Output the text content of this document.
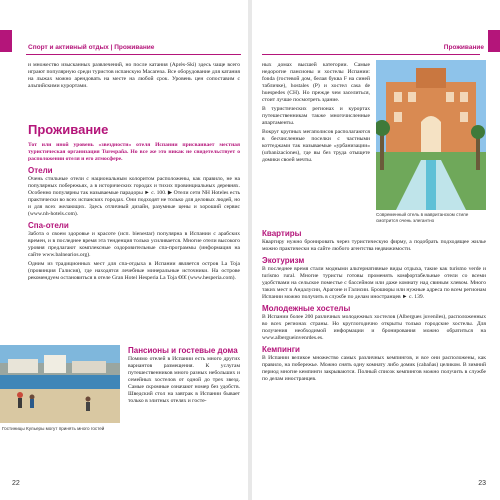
Спорт и активный отдых | Проживание
и множество изысканных развлечений, но после катания (Après-Ski) здесь чаще всего играют популярную среди туристов испанскую Macarena. Все оборудование для катания на лыжах можно арендовать на месте на любой срок. Уровень цен сопоставим с альпийскими курортами.
Проживание

Тот или иной уровень «звездности» отеля Испании присваивает местная туристическая организация Turespaña. Но все же это никак не свидетельствует о расположении отеля и его атмосфере.

Отели

Очень стильные отели с национальным колоритом расположены, как правило, не на популярных побережьях, а в исторических городах и тихих провинциальных деревнях. Особенно популярны так называемые парадоры ► с. 100. ▶ Отели сети NH Hoteles есть практически во всех испанских городах. Они подходят не только для деловых людей, но и для всех желающих. Здесь отличный дизайн, разумные цены и хороший сервис (www.nh-hotels.com).

Спа-отели

Забота о своем здоровье и красоте (исп. bienestar) популярна в Испании с арабских времен, и в последнее время эта тенденция только усиливается. Многие отели высокого уровня предлагают комплексные оздоровительные спа-программы (информация на сайте www.balnearios.org).

Одним из традиционных мест для спа-отдыха в Испании является остров La Toja (провинция Галисия), где находятся лечебные минеральные источники. На острове рекомендуем остановиться в отеле Gran Hotel Hesperia La Toja €€€ (www.hesperia.com).

Гостиницы Кульеры могут принять много гостей
Пансионы и гостевые дома

Помимо отелей в Испании есть много других вариантов размещения. К услугам путешественников много разных небольших и семейных хостелов от одной до трех звезд. Самые скромные означают номер без удобств. Шведский стол на завтрак в Испании бывает только в элитных отелях и госте-

22
Проживание

ных домах высшей категории. Самые недорогие пансионы и хостелы Испании: fonda (гостевой дом, белая буква F на синей табличке), hostales (P) и хостел casa de huespedes (CH). Но прежде чем заселиться, стоит лучше посмотреть здание.

В туристических регионах и курортах путешественникам также многочисленные апартаменты.

Вокруг крупных мегаполисов располагаются в бесчисленные поселки с частными коттеджами так называемые «урбанизации» (urbanizaciones), где вы без труда отыщете домики своей мечты.

Современный отель в мавританском стиле смотрится очень элегантно
Квартиры

Квартиру нужно бронировать через туристическую фирму, а подобрать подходящее жилье можно практически на сайте любого агентства недвижимости.

Экотуризм

В последнее время стали модными альтернативные виды отдыха, такие как turismo verde и turismo rural. Многие туристы готовы променять комфортабельные отели со всеми удобствами на сельское поместье с бассейном или даже комнату над свиным хлевом. Много таких мест в Андалусии, Арагоне и Галисии. Брошюры или нужные адреса по всем регионам Испании можно получить в службе по делам иностранцев ► с. 139.

Молодежные хостелы

В Испании более 200 различных молодежных хостелов (Albergues juveniles), расположенных во всех регионах страны. Но круглогодично открыты только городские хостелы. Для получения необходимой информации и бронирования можно обратиться на www.albergueinvenrdes.es.

Кемпинги

В Испании великое множество самых различных кемпингов, и все они расположены, как правило, на побережье. Можно снять одну комнату либо домик (cabañas) целиком. В зимний период многие кемпинги закрываются. Полный список кемпингов можно получить в службе по делам иностранцев.

23
